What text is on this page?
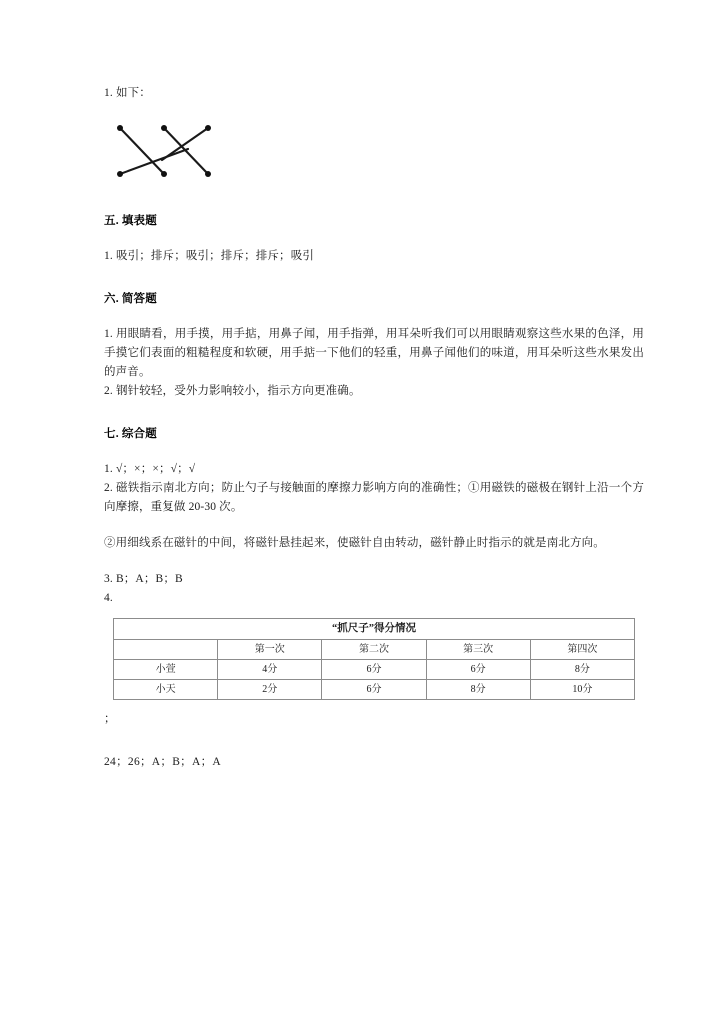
1. 如下：
五. 填表题
1. 吸引；排斥；吸引；排斥；排斥；吸引
六. 简答题
1. 用眼睛看，用手摸，用手掂，用鼻子闻，用手指弹，用耳朵听我们可以用眼睛观察这些水果的色泽，用手摸它们表面的粗糙程度和软硬，用手掂一下他们的轻重，用鼻子闻他们的味道，用耳朵听这些水果发出的声音。
2. 钢针较轻，受外力影响较小，指示方向更准确。
七. 综合题
1. √；×；×；√；√
2. 磁铁指示南北方向；防止勺子与接触面的摩擦力影响方向的准确性；①用磁铁的磁极在钢针上沿一个方向摩擦，重复做 20-30 次。
②用细线系在磁针的中间，将磁针悬挂起来，使磁针自由转动，磁针静止时指示的就是南北方向。
3. B；A；B；B
4.
“抓尺子”得分情况				
	第一次	第二次	第三次	第四次
小萱	4分	6分	6分	8分
小天	2分	6分	8分	10分
；
24；26；A；B；A；A
